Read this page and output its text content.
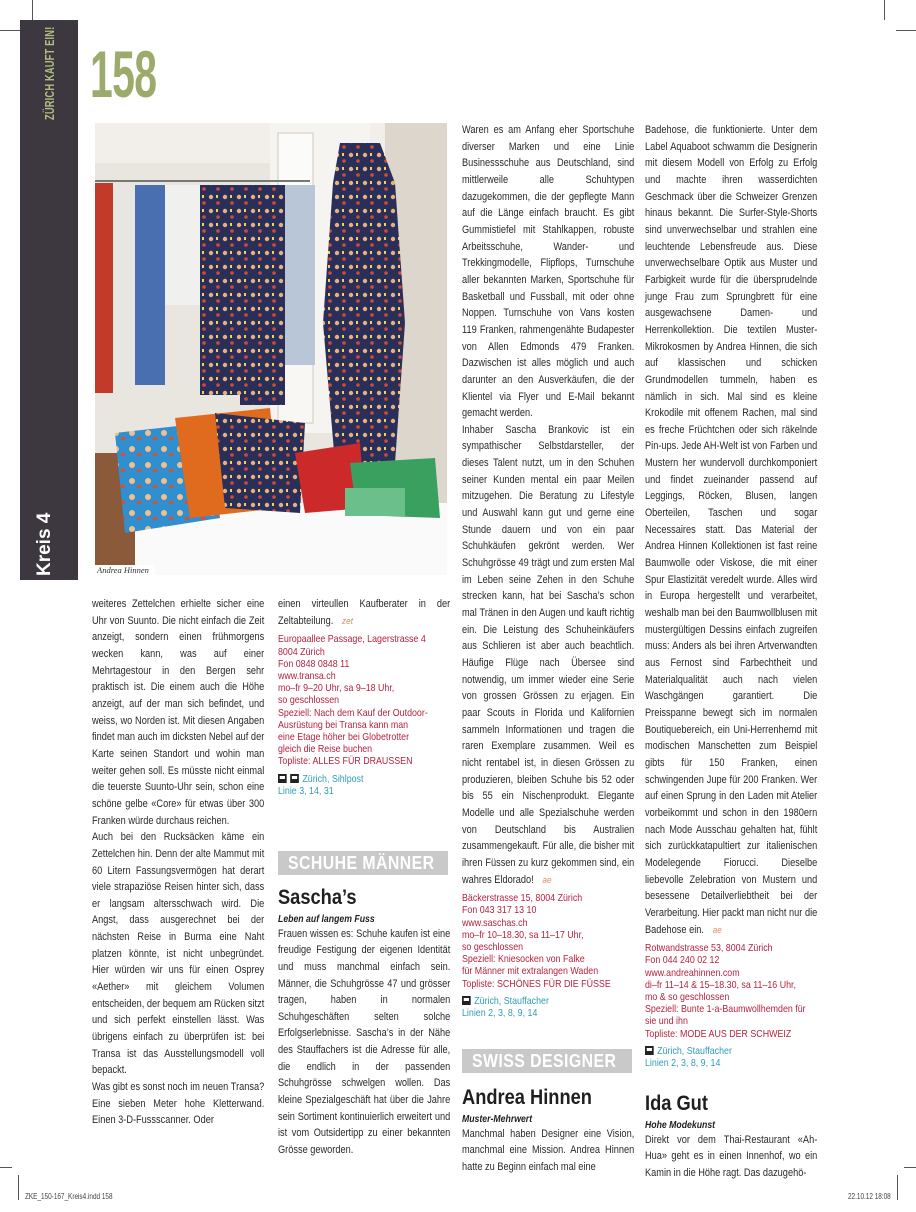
ZÜRICH KAUFT EIN!
Kreis 4
158
Andrea Hinnen

weiteres Zettelchen erhielte sicher eine Uhr von Suunto. Die nicht einfach die Zeit anzeigt, sondern einen frühmorgens wecken kann, was auf einer Mehrtagestour in den Bergen sehr praktisch ist. Die einem auch die Höhe anzeigt, auf der man sich befindet, und weiss, wo Norden ist. Mit diesen Angaben findet man auch im dicksten Nebel auf der Karte seinen Standort und wohin man weiter gehen soll. Es müsste nicht einmal die teuerste Suunto-Uhr sein, schon eine schöne gelbe «Core» für etwas über 300 Franken würde durchaus reichen.

Auch bei den Rucksäcken käme ein Zettelchen hin. Denn der alte Mammut mit 60 Litern Fassungsvermögen hat derart viele strapaziöse Reisen hinter sich, dass er langsam altersschwach wird. Die Angst, dass ausgerechnet bei der nächsten Reise in Burma eine Naht platzen könnte, ist nicht unbegründet. Hier würden wir uns für einen Osprey «Aether» mit gleichem Volumen entscheiden, der bequem am Rücken sitzt und sich perfekt einstellen lässt. Was übrigens einfach zu überprüfen ist: bei Transa ist das Ausstellungsmodell voll bepackt.

Was gibt es sonst noch im neuen Transa? Eine sieben Meter hohe Kletterwand. Einen 3-D-Fussscanner. Oder

einen virteullen Kaufberater in der Zeltabteilung. zet

Europaallee Passage, Lagerstrasse 4
8004 Zürich
Fon 0848 0848 11
www.transa.ch
mo–fr 9–20 Uhr, sa 9–18 Uhr,
so geschlossen
Speziell: Nach dem Kauf der Outdoor-
Ausrüstung bei Transa kann man
eine Etage höher bei Globetrotter
gleich die Reise buchen
Topliste: ALLES FÜR DRAUSSEN
Zürich, Sihlpost
Linie 3, 14, 31
SCHUHE MÄNNER
Sascha’s
Leben auf langem Fuss

Frauen wissen es: Schuhe kaufen ist eine freudige Festigung der eigenen Identität und muss manchmal einfach sein. Männer, die Schuhgrösse 47 und grösser tragen, haben in normalen Schuhgeschäften selten solche Erfolgserlebnisse. Sascha’s in der Nähe des Stauffachers ist die Adresse für alle, die endlich in der passenden Schuhgrösse schwelgen wollen. Das kleine Spezialgeschäft hat über die Jahre sein Sortiment kontinuierlich erweitert und ist vom Outsidertipp zu einer bekannten Grösse geworden.

Waren es am Anfang eher Sportschuhe diverser Marken und eine Linie Businessschuhe aus Deutschland, sind mittlerweile alle Schuhtypen dazugekommen, die der gepflegte Mann auf die Länge einfach braucht. Es gibt Gummistiefel mit Stahlkappen, robuste Arbeitsschuhe, Wander- und Trekkingmodelle, Flipflops, Turnschuhe aller bekannten Marken, Sportschuhe für Basketball und Fussball, mit oder ohne Noppen. Turnschuhe von Vans kosten 119 Franken, rahmengenähte Budapester von Allen Edmonds 479 Franken. Dazwischen ist alles möglich und auch darunter an den Ausverkäufen, die der Klientel via Flyer und E-Mail bekannt gemacht werden.

Inhaber Sascha Brankovic ist ein sympathischer Selbstdarsteller, der dieses Talent nutzt, um in den Schuhen seiner Kunden mental ein paar Meilen mitzugehen. Die Beratung zu Lifestyle und Auswahl kann gut und gerne eine Stunde dauern und von ein paar Schuhkäufen gekrönt werden. Wer Schuhgrösse 49 trägt und zum ersten Mal im Leben seine Zehen in den Schuhe strecken kann, hat bei Sascha’s schon mal Tränen in den Augen und kauft richtig ein. Die Leistung des Schuheinkäufers aus Schlieren ist aber auch beachtlich. Häufige Flüge nach Übersee sind notwendig, um immer wieder eine Serie von grossen Grössen zu erjagen. Ein paar Scouts in Florida und Kalifornien sammeln Informationen und tragen die raren Exemplare zusammen. Weil es nicht rentabel ist, in diesen Grössen zu produzieren, bleiben Schuhe bis 52 oder bis 55 ein Nischenprodukt. Elegante Modelle und alle Spezialschuhe werden von Deutschland bis Australien zusammengekauft. Für alle, die bisher mit ihren Füssen zu kurz gekommen sind, ein wahres Eldorado! ae

Bäckerstrasse 15, 8004 Zürich
Fon 043 317 13 10
www.saschas.ch
mo–fr 10–18.30, sa 11–17 Uhr,
so geschlossen
Speziell: Kniesocken von Falke
für Männer mit extralangen Waden
Topliste: SCHÖNES FÜR DIE FÜSSE
Zürich, Stauffacher
Linien 2, 3, 8, 9, 14
SWISS DESIGNER
Andrea Hinnen
Muster-Mehrwert

Manchmal haben Designer eine Vision, manchmal eine Mission. Andrea Hinnen hatte zu Beginn einfach mal eine

Badehose, die funktionierte. Unter dem Label Aquaboot schwamm die Designerin mit diesem Modell von Erfolg zu Erfolg und machte ihren wasserdichten Geschmack über die Schweizer Grenzen hinaus bekannt. Die Surfer-Style-Shorts sind unverwechselbar und strahlen eine leuchtende Lebensfreude aus. Diese unverwechselbare Optik aus Muster und Farbigkeit wurde für die übersprudelnde junge Frau zum Sprungbrett für eine ausgewachsene Damen- und Herrenkollektion. Die textilen Muster-Mikrokosmen by Andrea Hinnen, die sich auf klassischen und schicken Grundmodellen tummeln, haben es nämlich in sich. Mal sind es kleine Krokodile mit offenem Rachen, mal sind es freche Früchtchen oder sich räkelnde Pin-ups. Jede AH-Welt ist von Farben und Mustern her wundervoll durchkomponiert und findet zueinander passend auf Leggings, Röcken, Blusen, langen Oberteilen, Taschen und sogar Necessaires statt. Das Material der Andrea Hinnen Kollektionen ist fast reine Baumwolle oder Viskose, die mit einer Spur Elastizität veredelt wurde. Alles wird in Europa hergestellt und verarbeitet, weshalb man bei den Baumwollblusen mit mustergültigen Dessins einfach zugreifen muss: Anders als bei ihren Artverwandten aus Fernost sind Farbechtheit und Materialqualität auch nach vielen Waschgängen garantiert. Die Preisspanne bewegt sich im normalen Boutiquebereich, ein Uni-Herrenhemd mit modischen Manschetten zum Beispiel gibts für 150 Franken, einen schwingenden Jupe für 200 Franken. Wer auf einen Sprung in den Laden mit Atelier vorbeikommt und schon in den 1980ern nach Mode Ausschau gehalten hat, fühlt sich zurückkatapultiert zur italienischen Modelegende Fiorucci. Dieselbe liebevolle Zelebration von Mustern und besessene Detailverliebtheit bei der Verarbeitung. Hier packt man nicht nur die Badehose ein. ae

Rotwandstrasse 53, 8004 Zürich
Fon 044 240 02 12
www.andreahinnen.com
di–fr 11–14 & 15–18.30, sa 11–16 Uhr,
mo & so geschlossen
Speziell: Bunte 1-a-Baumwollhemden für
sie und ihn
Topliste: MODE AUS DER SCHWEIZ
Zürich, Stauffacher
Linien 2, 3, 8, 9, 14
Ida Gut
Hohe Modekunst

Direkt vor dem Thai-Restaurant «Ah-Hua» geht es in einen Innenhof, wo ein Kamin in die Höhe ragt. Das dazugehö-

ZKE_150-167_Kreis4.indd 158	22.10.12 18:08
